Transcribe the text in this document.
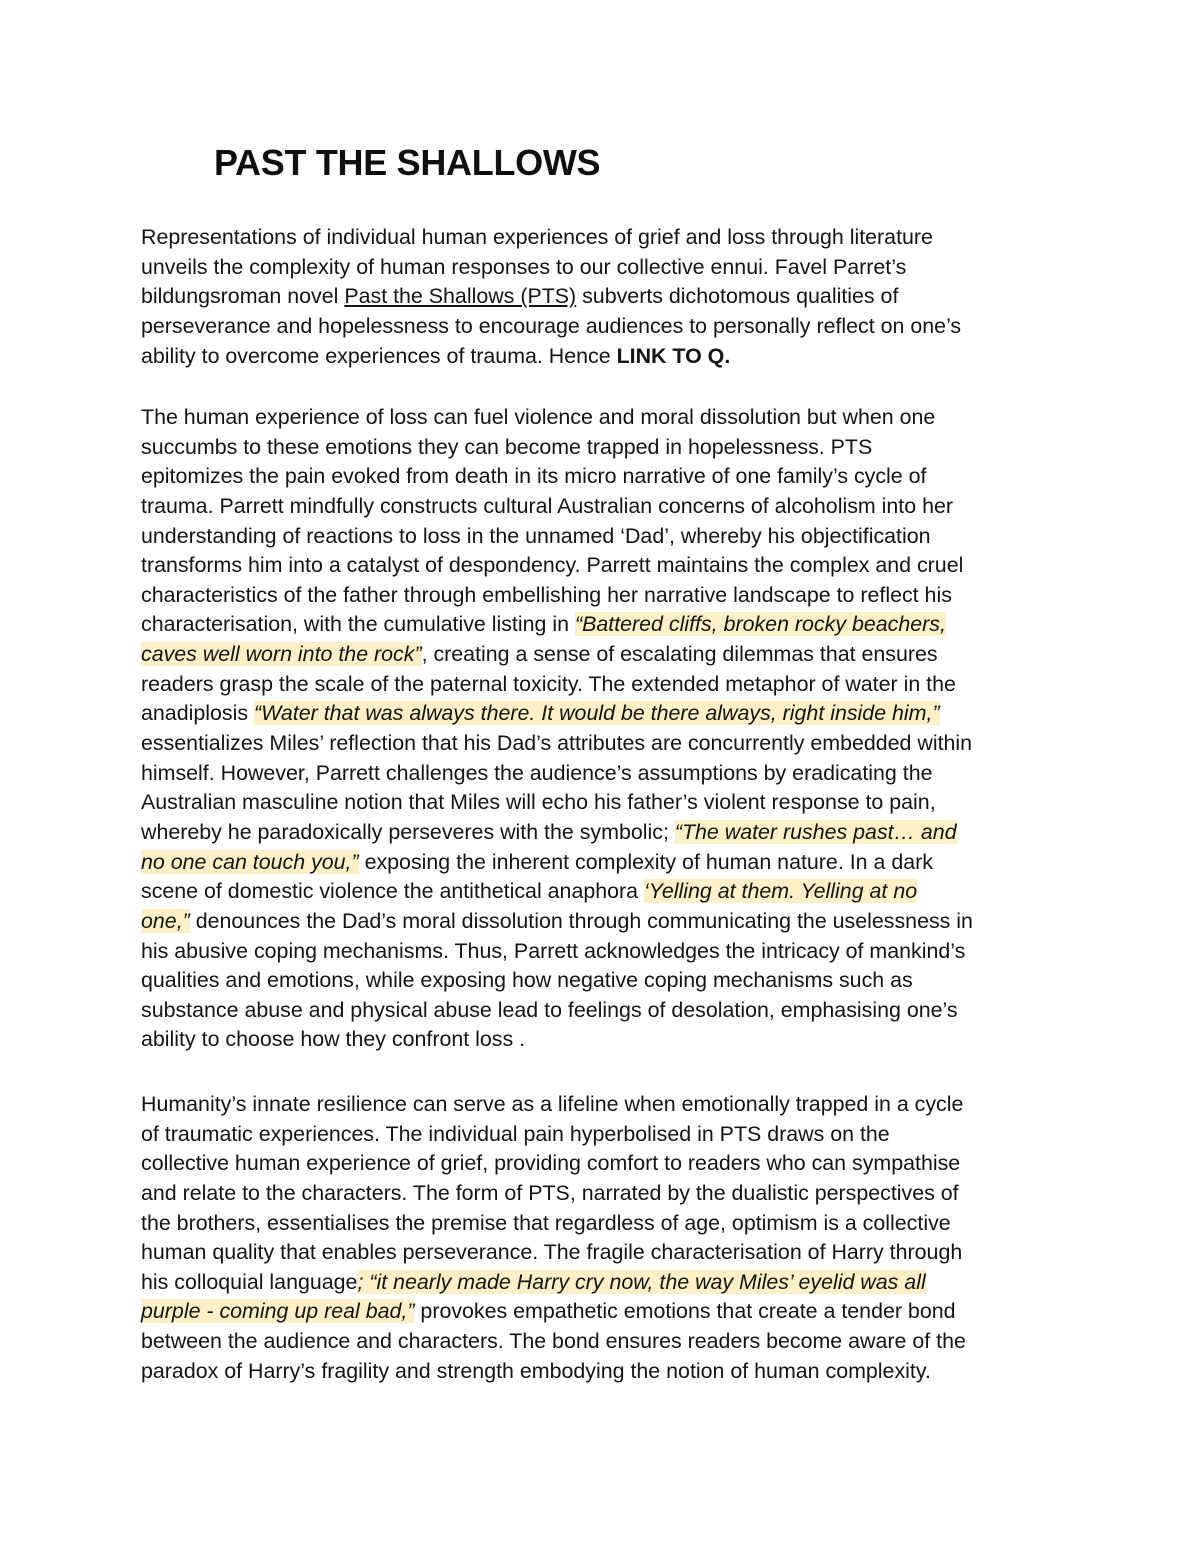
PAST THE SHALLOWS
Representations of individual human experiences of grief and loss through literature
unveils the complexity of human responses to our collective ennui. Favel Parret’s
bildungsroman novel Past the Shallows (PTS) subverts dichotomous qualities of
perseverance and hopelessness to encourage audiences to personally reflect on one’s
ability to overcome experiences of trauma. Hence LINK TO Q.
The human experience of loss can fuel violence and moral dissolution but when one
succumbs to these emotions they can become trapped in hopelessness. PTS
epitomizes the pain evoked from death in its micro narrative of one family’s cycle of
trauma. Parrett mindfully constructs cultural Australian concerns of alcoholism into her
understanding of reactions to loss in the unnamed ‘Dad’, whereby his objectification
transforms him into a catalyst of despondency. Parrett maintains the complex and cruel
characteristics of the father through embellishing her narrative landscape to reflect his
characterisation, with the cumulative listing in “Battered cliffs, broken rocky beachers,
caves well worn into the rock”, creating a sense of escalating dilemmas that ensures
readers grasp the scale of the paternal toxicity. The extended metaphor of water in the
anadiplosis “Water that was always there. It would be there always, right inside him,”
essentializes Miles’ reflection that his Dad’s attributes are concurrently embedded within
himself. However, Parrett challenges the audience’s assumptions by eradicating the
Australian masculine notion that Miles will echo his father’s violent response to pain,
whereby he paradoxically perseveres with the symbolic; “The water rushes past… and
no one can touch you,” exposing the inherent complexity of human nature. In a dark
scene of domestic violence the antithetical anaphora ‘Yelling at them. Yelling at no
one,” denounces the Dad’s moral dissolution through communicating the uselessness in
his abusive coping mechanisms. Thus, Parrett acknowledges the intricacy of mankind’s
qualities and emotions, while exposing how negative coping mechanisms such as
substance abuse and physical abuse lead to feelings of desolation, emphasising one’s
ability to choose how they confront loss .
Humanity’s innate resilience can serve as a lifeline when emotionally trapped in a cycle
of traumatic experiences. The individual pain hyperbolised in PTS draws on the
collective human experience of grief, providing comfort to readers who can sympathise
and relate to the characters. The form of PTS, narrated by the dualistic perspectives of
the brothers, essentialises the premise that regardless of age, optimism is a collective
human quality that enables perseverance. The fragile characterisation of Harry through
his colloquial language; “it nearly made Harry cry now, the way Miles’ eyelid was all
purple - coming up real bad,” provokes empathetic emotions that create a tender bond
between the audience and characters. The bond ensures readers become aware of the
paradox of Harry’s fragility and strength embodying the notion of human complexity.
